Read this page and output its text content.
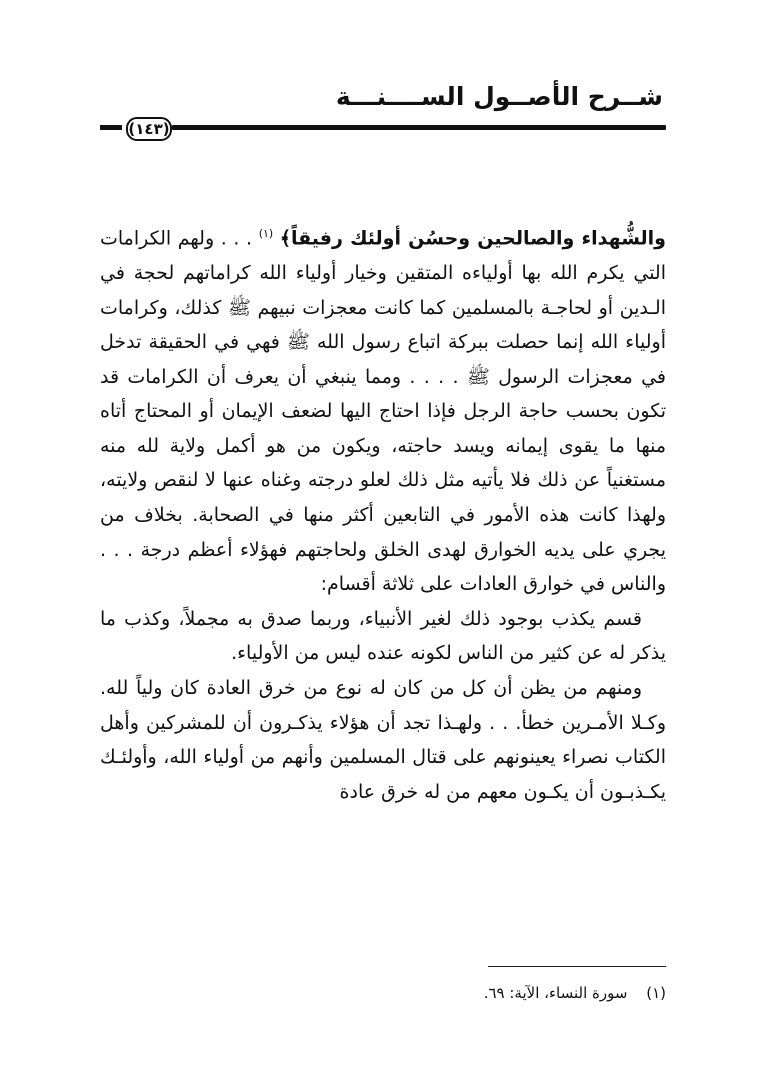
شــرح الأصــول الســــنـــة
(١٤٣)

والشُّهداء والصالحين وحسُن أولئك رفيقاً﴾ $^{(١)}$ . . . ولهم الكرامات التي يكرم الله بها أولياءه المتقين وخيار أولياء الله كراماتهم لحجة في الـدين أو لحاجـة بالمسلمين كما كانت معجزات نبيهم ﷺ كذلك، وكرامات أولياء الله إنما حصلت ببركة اتباع رسول الله ﷺ فهي في الحقيقة تدخل في معجزات الرسول ﷺ . . . . ومما ينبغي أن يعرف أن الكرامات قد تكون بحسب حاجة الرجل فإذا احتاج اليها لضعف الإيمان أو المحتاج أتاه منها ما يقوى إيمانه ويسد حاجته، ويكون من هو أكمل ولاية لله منه مستغنياً عن ذلك فلا يأتيه مثل ذلك لعلو درجته وغناه عنها لا لنقص ولايته، ولهذا كانت هذه الأمور في التابعين أكثر منها في الصحابة. بخلاف من يجري على يديه الخوارق لهدى الخلق ولحاجتهم فهؤلاء أعظم درجة . . . والناس في خوارق العادات على ثلاثة أقسام:

قسم يكذب بوجود ذلك لغير الأنبياء، وربما صدق به مجملاً، وكذب ما يذكر له عن كثير من الناس لكونه عنده ليس من الأولياء.

ومنهم من يظن أن كل من كان له نوع من خرق العادة كان ولياً لله. وكـلا الأمـرين خطأ. . . ولهـذا تجد أن هؤلاء يذكـرون أن للمشركين وأهل الكتاب نصراء يعينونهم على قتال المسلمين وأنهم من أولياء الله، وأولئـك يكـذبـون أن يكـون معهم من له خرق عادة

(١) سورة النساء، الآية: ٦٩.
